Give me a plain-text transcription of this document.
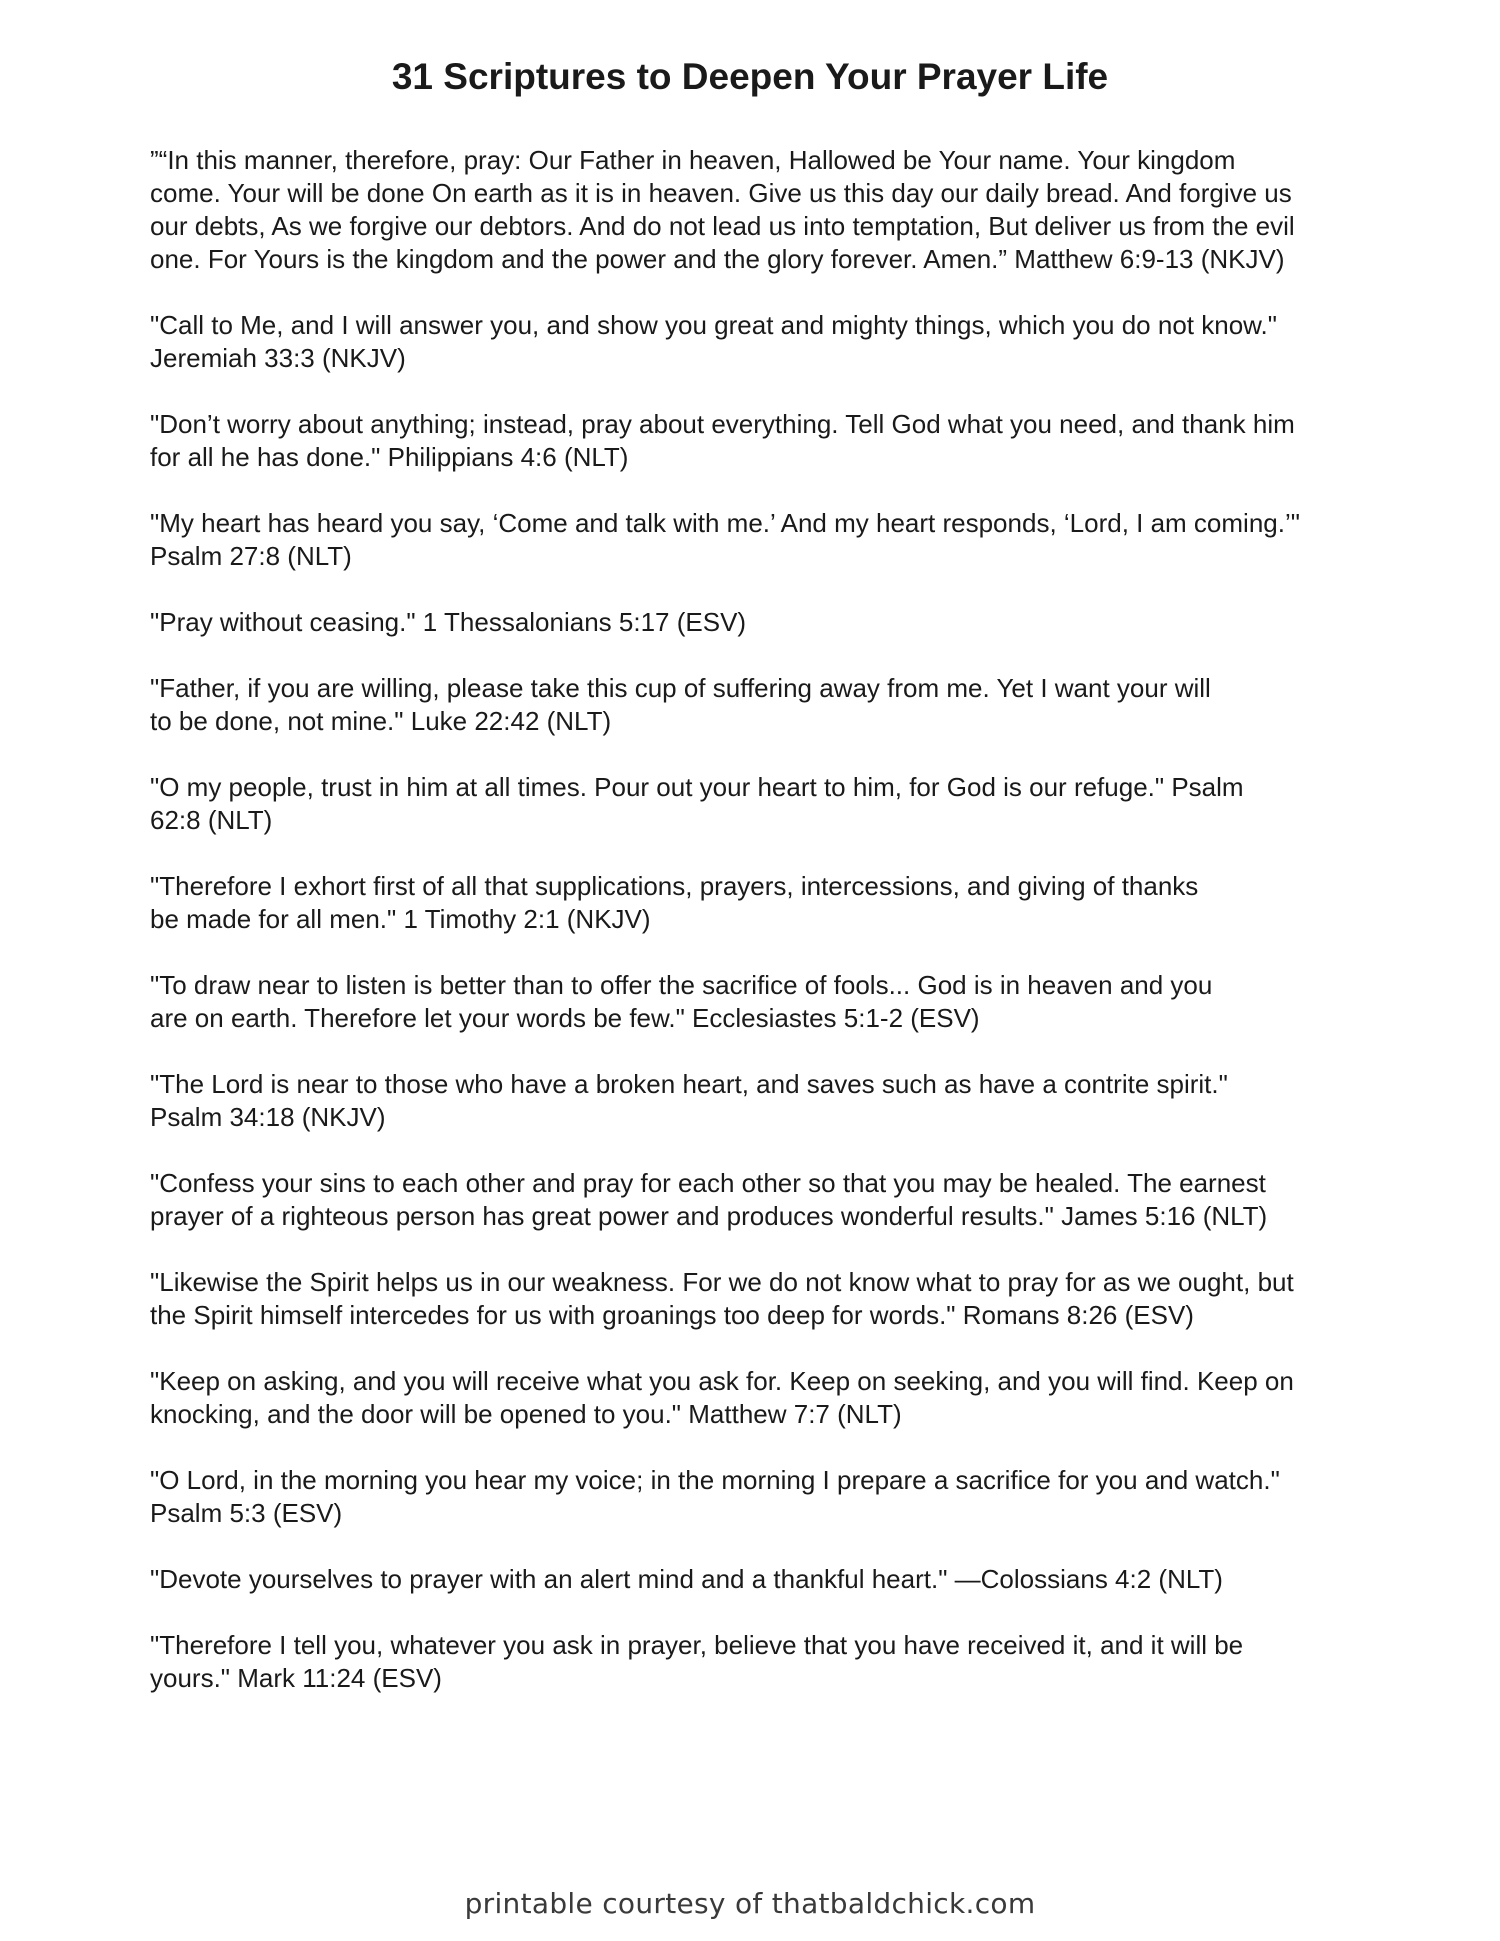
31 Scriptures to Deepen Your Prayer Life
”“In this manner, therefore, pray: Our Father in heaven, Hallowed be Your name. Your kingdom
come. Your will be done On earth as it is in heaven. Give us this day our daily bread. And forgive us
our debts, As we forgive our debtors. And do not lead us into temptation, But deliver us from the evil
one. For Yours is the kingdom and the power and the glory forever. Amen.” Matthew 6:9-13 (NKJV)
"Call to Me, and I will answer you, and show you great and mighty things, which you do not know."
Jeremiah 33:3 (NKJV)
"Don’t worry about anything; instead, pray about everything. Tell God what you need, and thank him
for all he has done." Philippians 4:6 (NLT)
"My heart has heard you say, ‘Come and talk with me.’ And my heart responds, ‘Lord, I am coming.’"
Psalm 27:8 (NLT)
"Pray without ceasing." 1 Thessalonians 5:17 (ESV)
"Father, if you are willing, please take this cup of suffering away from me. Yet I want your will
to be done, not mine." Luke 22:42 (NLT)
"O my people, trust in him at all times. Pour out your heart to him, for God is our refuge." Psalm
62:8 (NLT)
"Therefore I exhort first of all that supplications, prayers, intercessions, and giving of thanks
be made for all men." 1 Timothy 2:1 (NKJV)
"To draw near to listen is better than to offer the sacrifice of fools... God is in heaven and you
are on earth. Therefore let your words be few." Ecclesiastes 5:1-2 (ESV)
"The Lord is near to those who have a broken heart, and saves such as have a contrite spirit."
Psalm 34:18 (NKJV)
"Confess your sins to each other and pray for each other so that you may be healed. The earnest
prayer of a righteous person has great power and produces wonderful results." James 5:16 (NLT)
"Likewise the Spirit helps us in our weakness. For we do not know what to pray for as we ought, but
the Spirit himself intercedes for us with groanings too deep for words." Romans 8:26 (ESV)
"Keep on asking, and you will receive what you ask for. Keep on seeking, and you will find. Keep on
knocking, and the door will be opened to you." Matthew 7:7 (NLT)
"O Lord, in the morning you hear my voice; in the morning I prepare a sacrifice for you and watch."
Psalm 5:3 (ESV)
"Devote yourselves to prayer with an alert mind and a thankful heart." —Colossians 4:2 (NLT)
"Therefore I tell you, whatever you ask in prayer, believe that you have received it, and it will be
yours." Mark 11:24 (ESV)
printable courtesy of thatbaldchick.com
